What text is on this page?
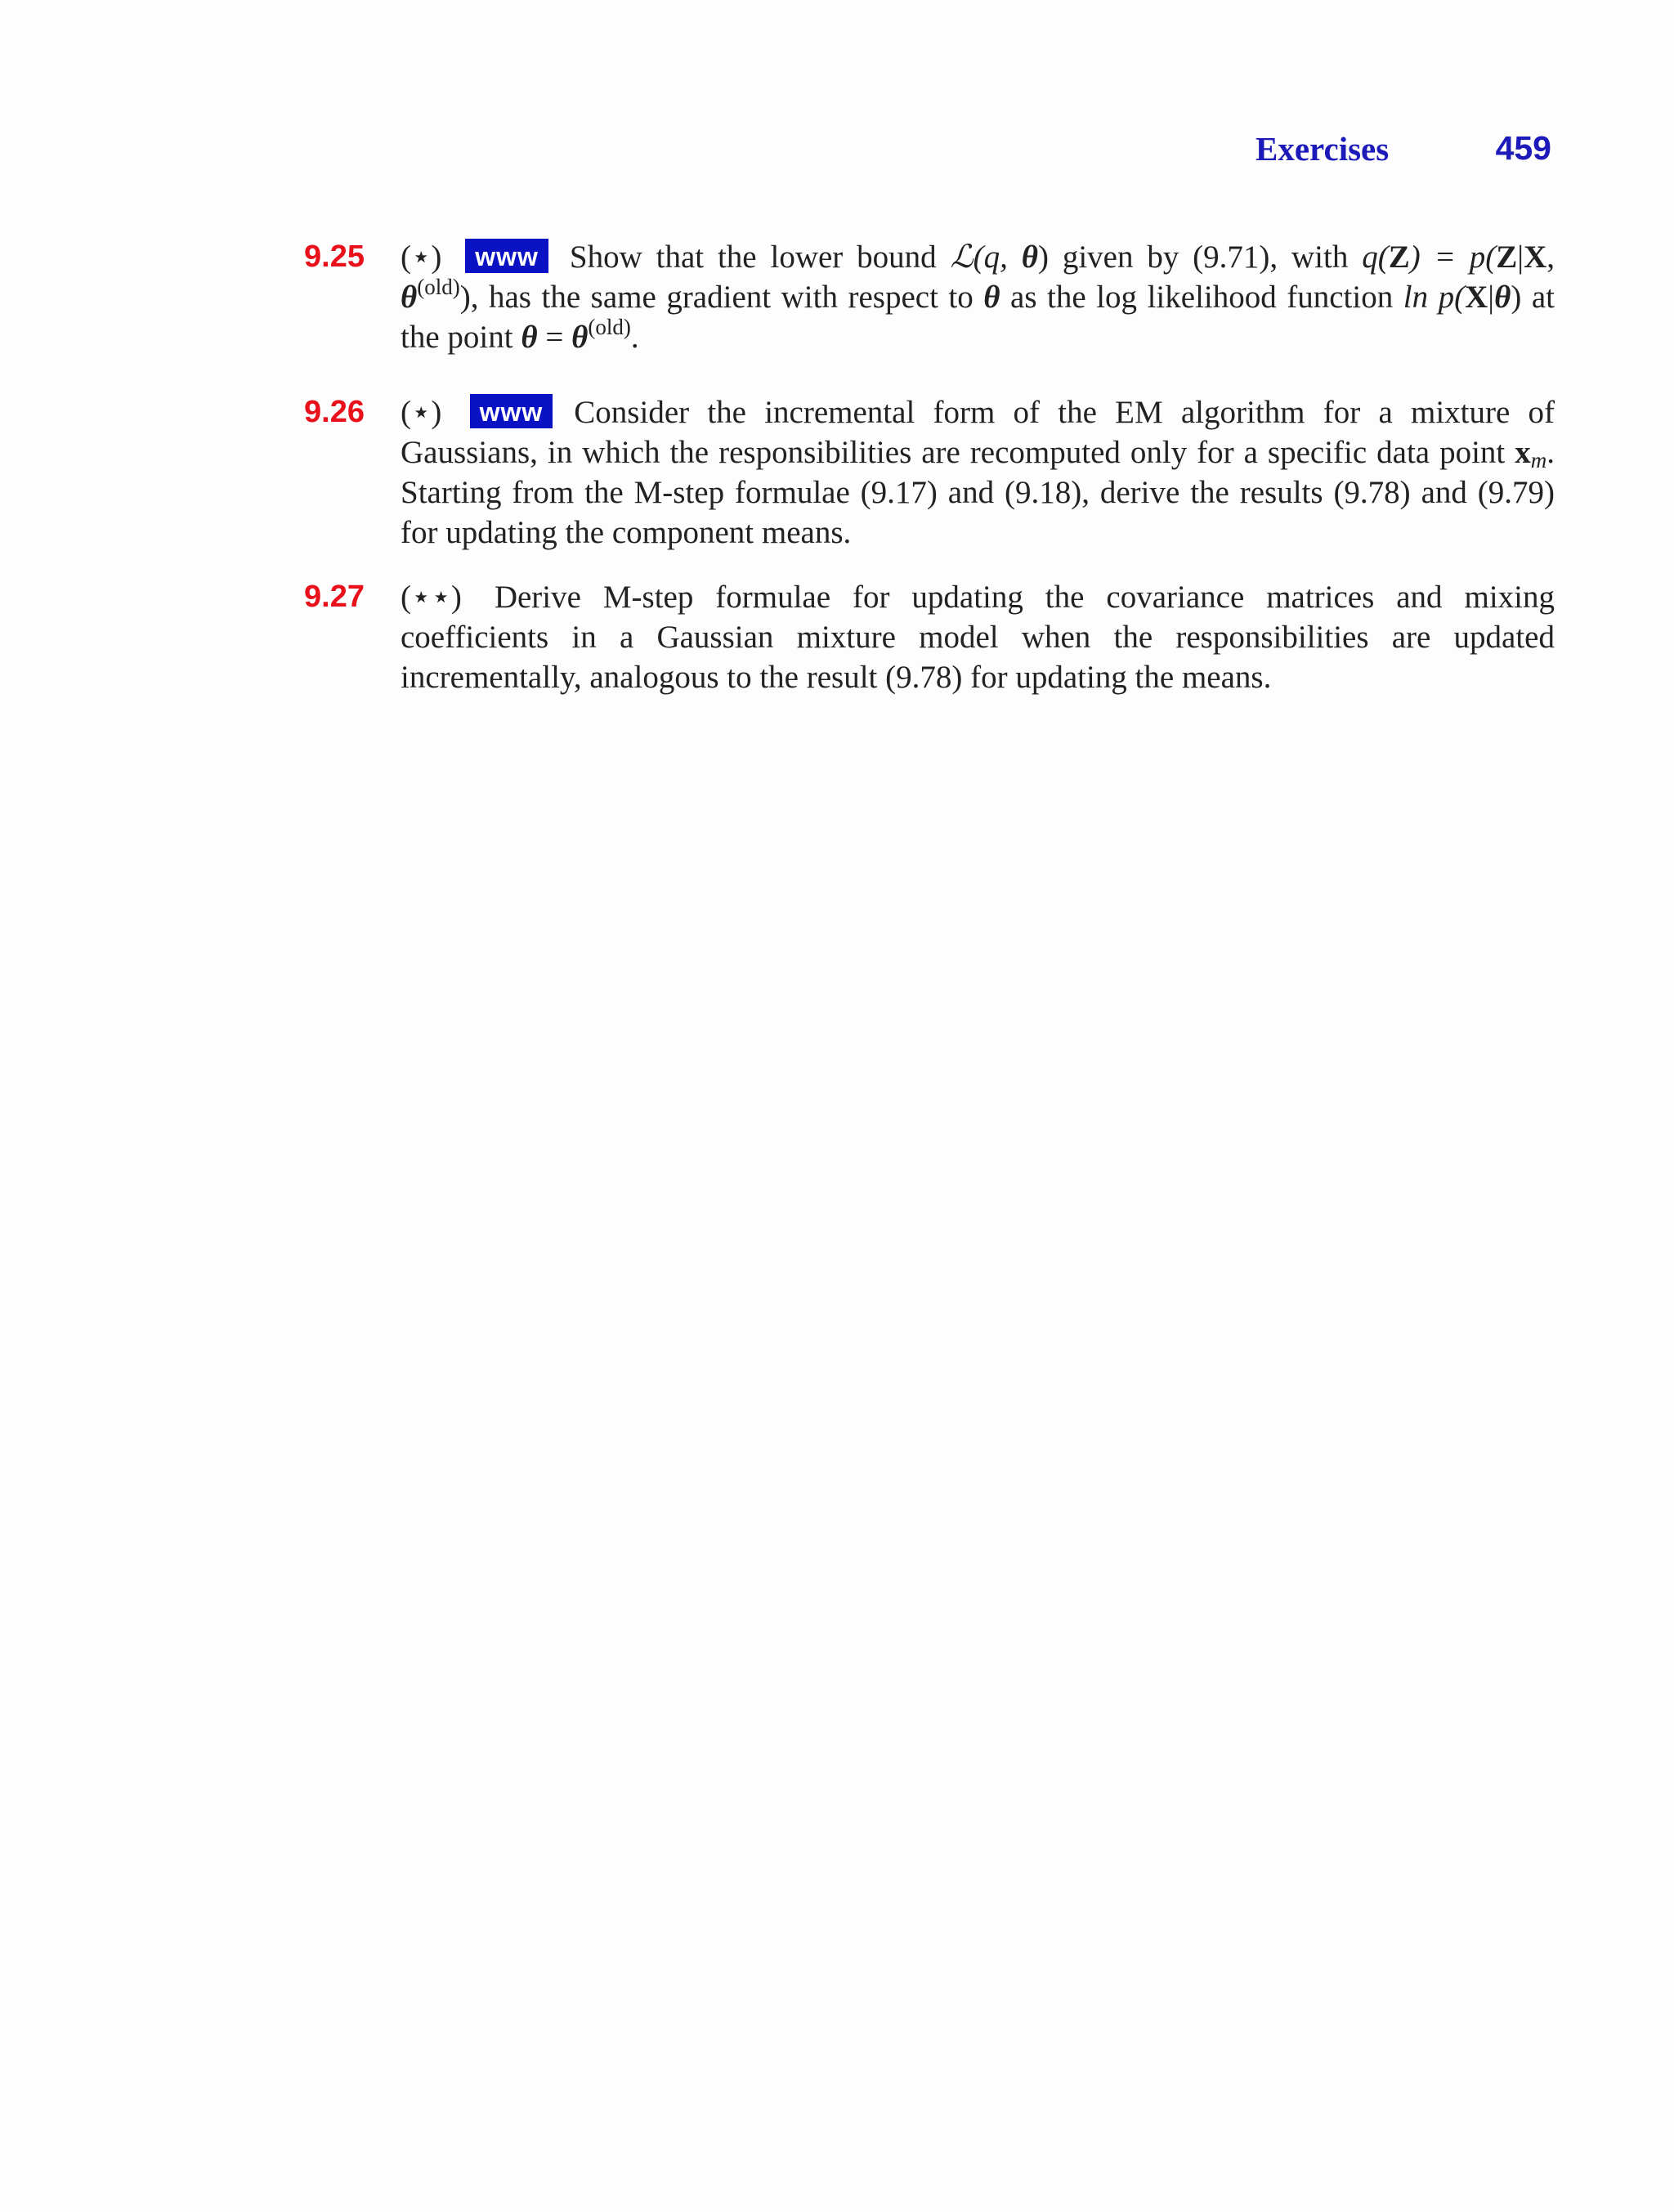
Exercises	459
9.25 (⋆) www Show that the lower bound ℒ(q, θ) given by (9.71), with q(Z) = p(Z|X, $\theta^{(old)}$), has the same gradient with respect to θ as the log likelihood function ln p(X|θ) at the point $\theta = \theta^{(old)}$.
9.26 (⋆) www Consider the incremental form of the EM algorithm for a mixture of Gaussians, in which the responsibilities are recomputed only for a specific data point $x_m$. Starting from the M-step formulae (9.17) and (9.18), derive the results (9.78) and (9.79) for updating the component means.
9.27 (⋆⋆) Derive M-step formulae for updating the covariance matrices and mixing coefficients in a Gaussian mixture model when the responsibilities are updated incrementally, analogous to the result (9.78) for updating the means.
